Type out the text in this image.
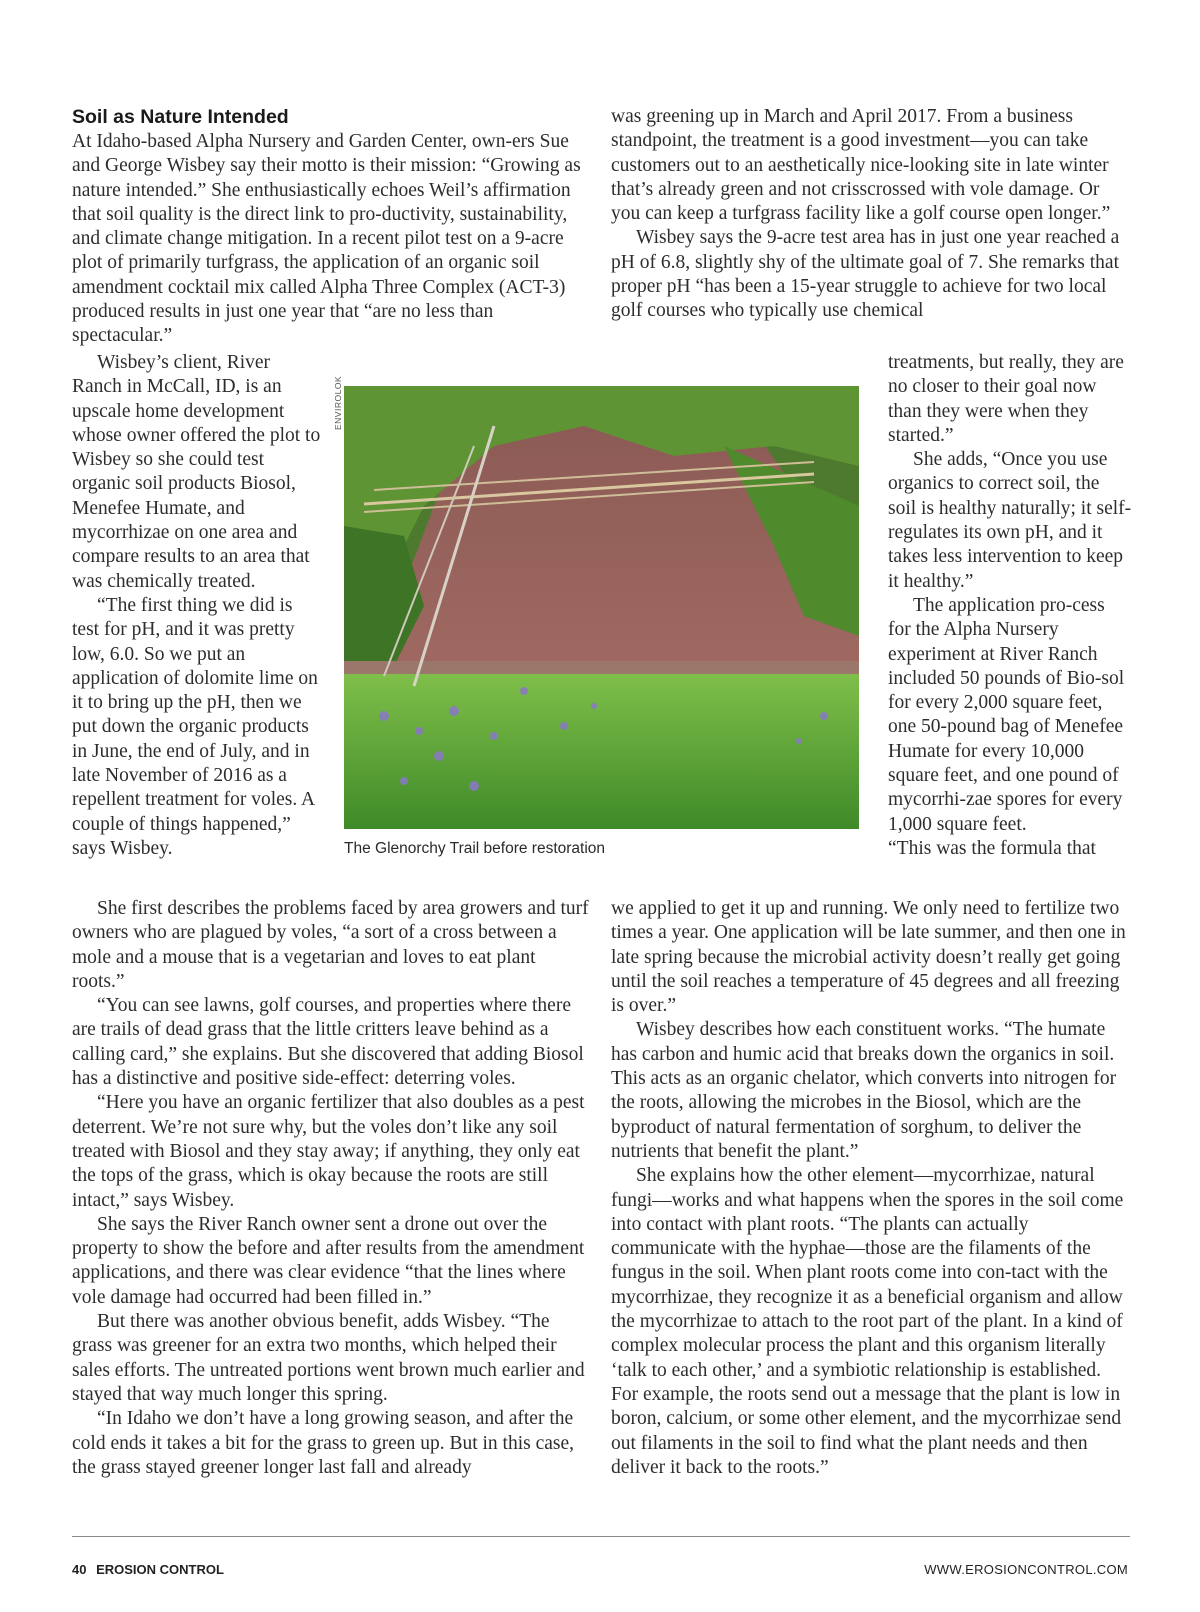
Soil as Nature Intended

At Idaho-based Alpha Nursery and Garden Center, own-ers Sue and George Wisbey say their motto is their mission: “Growing as nature intended.” She enthusiastically echoes Weil’s affirmation that soil quality is the direct link to pro-ductivity, sustainability, and climate change mitigation. In a recent pilot test on a 9-acre plot of primarily turfgrass, the application of an organic soil amendment cocktail mix called Alpha Three Complex (ACT-3) produced results in just one year that “are no less than spectacular.”

Wisbey’s client, River Ranch in McCall, ID, is an upscale home development whose owner offered the plot to Wisbey so she could test organic soil products Biosol, Menefee Humate, and mycorrhizae on one area and compare results to an area that was chemically treated.

“The first thing we did is test for pH, and it was pretty low, 6.0. So we put an application of dolomite lime on it to bring up the pH, then we put down the organic products in June, the end of July, and in late November of 2016 as a repellent treatment for voles. A couple of things happened,” says Wisbey.

She first describes the problems faced by area growers and turf owners who are plagued by voles, “a sort of a cross between a mole and a mouse that is a vegetarian and loves to eat plant roots.”

“You can see lawns, golf courses, and properties where there are trails of dead grass that the little critters leave behind as a calling card,” she explains. But she discovered that adding Biosol has a distinctive and positive side-effect: deterring voles.

“Here you have an organic fertilizer that also doubles as a pest deterrent. We’re not sure why, but the voles don’t like any soil treated with Biosol and they stay away; if anything, they only eat the tops of the grass, which is okay because the roots are still intact,” says Wisbey.

She says the River Ranch owner sent a drone out over the property to show the before and after results from the amendment applications, and there was clear evidence “that the lines where vole damage had occurred had been filled in.”

But there was another obvious benefit, adds Wisbey. “The grass was greener for an extra two months, which helped their sales efforts. The untreated portions went brown much earlier and stayed that way much longer this spring.

“In Idaho we don’t have a long growing season, and after the cold ends it takes a bit for the grass to green up. But in this case, the grass stayed greener longer last fall and already

was greening up in March and April 2017. From a business standpoint, the treatment is a good investment—you can take customers out to an aesthetically nice-looking site in late winter that’s already green and not crisscrossed with vole damage. Or you can keep a turfgrass facility like a golf course open longer.”

Wisbey says the 9-acre test area has in just one year reached a pH of 6.8, slightly shy of the ultimate goal of 7. She remarks that proper pH “has been a 15-year struggle to achieve for two local golf courses who typically use chemical

treatments, but really, they are no closer to their goal now than they were when they started.”

She adds, “Once you use organics to correct soil, the soil is healthy naturally; it self-regulates its own pH, and it takes less intervention to keep it healthy.”

The application pro-cess for the Alpha Nursery experiment at River Ranch included 50 pounds of Bio-sol for every 2,000 square feet, one 50-pound bag of Menefee Humate for every 10,000 square feet, and one pound of mycorrhi-zae spores for every 1,000 square feet.

“This was the formula that

we applied to get it up and running. We only need to fertilize two times a year. One application will be late summer, and then one in late spring because the microbial activity doesn’t really get going until the soil reaches a temperature of 45 degrees and all freezing is over.”

Wisbey describes how each constituent works. “The humate has carbon and humic acid that breaks down the organics in soil. This acts as an organic chelator, which converts into nitrogen for the roots, allowing the microbes in the Biosol, which are the byproduct of natural fermentation of sorghum, to deliver the nutrients that benefit the plant.”

She explains how the other element—mycorrhizae, natural fungi—works and what happens when the spores in the soil come into contact with plant roots. “The plants can actually communicate with the hyphae—those are the filaments of the fungus in the soil. When plant roots come into con-tact with the mycorrhizae, they recognize it as a beneficial organism and allow the mycorrhizae to attach to the root part of the plant. In a kind of complex molecular process the plant and this organism literally ‘talk to each other,’ and a symbiotic relationship is established. For example, the roots send out a message that the plant is low in boron, calcium, or some other element, and the mycorrhizae send out filaments in the soil to find what the plant needs and then deliver it back to the roots.”

ENVIROLOK
The Glenorchy Trail before restoration
40 EROSION CONTROL	WWW.EROSIONCONTROL.COM
